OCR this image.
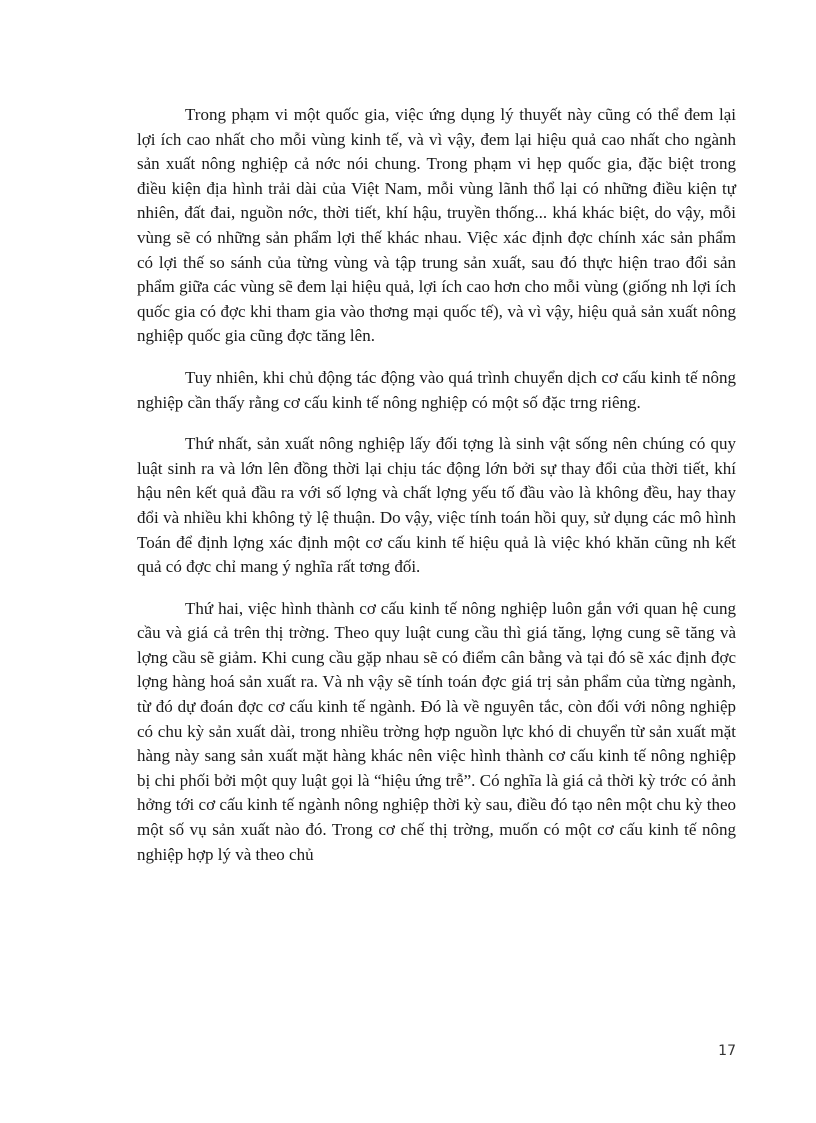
Trong phạm vi một quốc gia, việc ứng dụng lý thuyết này cũng có thể đem lại lợi ích cao nhất cho mỗi vùng kinh tế, và vì vậy, đem lại hiệu quả cao nhất cho ngành sản xuất nông nghiệp cả nớc nói chung. Trong phạm vi hẹp quốc gia, đặc biệt trong điều kiện địa hình trải dài của Việt Nam, mỗi vùng lãnh thổ lại có những điều kiện tự nhiên, đất đai, nguồn nớc, thời tiết, khí hậu, truyền thống... khá khác biệt, do vậy, mỗi vùng sẽ có những sản phẩm lợi thế khác nhau. Việc xác định đợc chính xác sản phẩm có lợi thế so sánh của từng vùng và tập trung sản xuất, sau đó thực hiện trao đổi sản phẩm giữa các vùng sẽ đem lại hiệu quả, lợi ích cao hơn cho mỗi vùng (giống nh lợi ích quốc gia có đợc khi tham gia vào thơng mại quốc tế), và vì vậy, hiệu quả sản xuất nông nghiệp quốc gia cũng đợc tăng lên.

Tuy nhiên, khi chủ động tác động vào quá trình chuyển dịch cơ cấu kinh tế nông nghiệp cần thấy rằng cơ cấu kinh tế nông nghiệp có một số đặc trng riêng.

Thứ nhất, sản xuất nông nghiệp lấy đối tợng là sinh vật sống nên chúng có quy luật sinh ra và lớn lên đồng thời lại chịu tác động lớn bởi sự thay đổi của thời tiết, khí hậu nên kết quả đầu ra với số lợng và chất lợng yếu tố đầu vào là không đều, hay thay đổi và nhiều khi không tỷ lệ thuận. Do vậy, việc tính toán hồi quy, sử dụng các mô hình Toán để định lợng xác định một cơ cấu kinh tế hiệu quả là việc khó khăn cũng nh kết quả có đợc chỉ mang ý nghĩa rất tơng đối.

Thứ hai, việc hình thành cơ cấu kinh tế nông nghiệp luôn gắn với quan hệ cung cầu và giá cả trên thị trờng. Theo quy luật cung cầu thì giá tăng, lợng cung sẽ tăng và lợng cầu sẽ giảm. Khi cung cầu gặp nhau sẽ có điểm cân bằng và tại đó sẽ xác định đợc lợng hàng hoá sản xuất ra. Và nh vậy sẽ tính toán đợc giá trị sản phẩm của từng ngành, từ đó dự đoán đợc cơ cấu kinh tế ngành. Đó là về nguyên tắc, còn đối với nông nghiệp có chu kỳ sản xuất dài, trong nhiều trờng hợp nguồn lực khó di chuyển từ sản xuất mặt hàng này sang sản xuất mặt hàng khác nên việc hình thành cơ cấu kinh tế nông nghiệp bị chi phối bởi một quy luật gọi là “hiệu ứng trễ”. Có nghĩa là giá cả thời kỳ trớc có ảnh hởng tới cơ cấu kinh tế ngành nông nghiệp thời kỳ sau, điều đó tạo nên một chu kỳ theo một số vụ sản xuất nào đó. Trong cơ chế thị trờng, muốn có một cơ cấu kinh tế nông nghiệp hợp lý và theo chủ

17
